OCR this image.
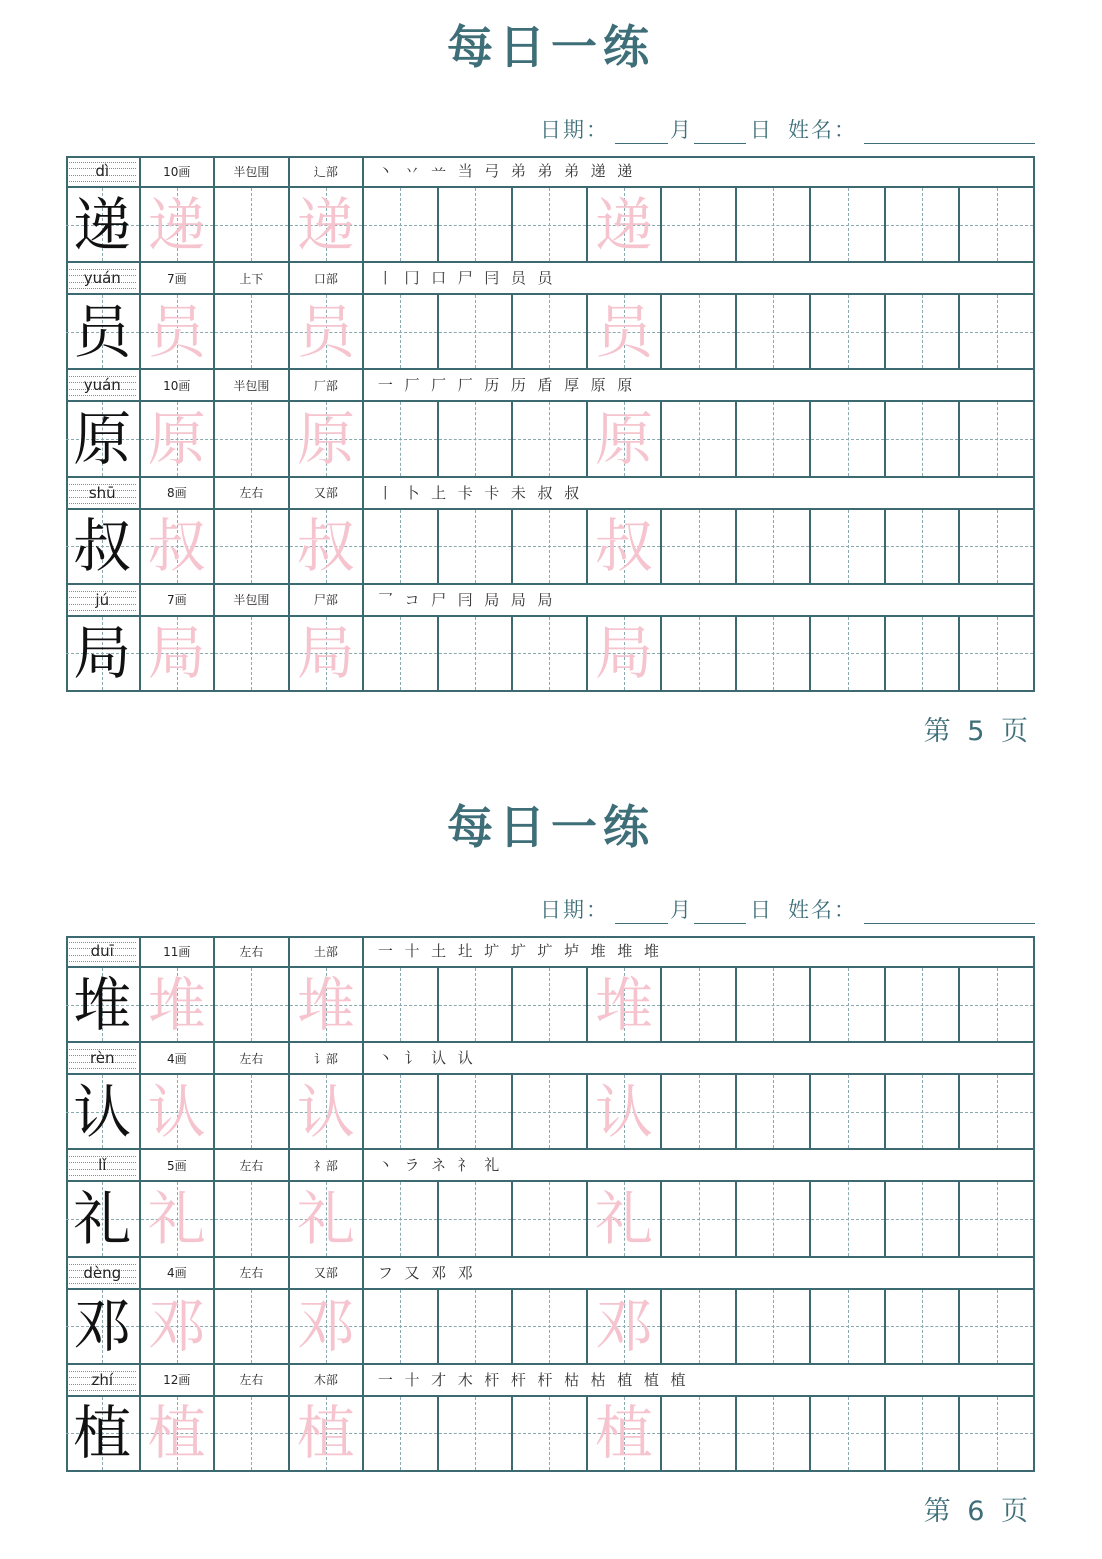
每日一练
日期：	月	日 姓名：
dì	10画	半包围	辶部	丶 丷 䒑 当 弓 弟 弟 弟 递 递
递 递 递	递
yuán	7画	上下	口部	丨 冂 口 尸 冃 员 员
员 员 员	员
yuán	10画	半包围	厂部	一 厂 厂 厂 历 历 盾 厚 原 原
原 原 原	原
shū	8画	左右	又部	丨 卜 上 卡 卡 未 叔 叔
叔 叔 叔	叔
jú	7画	半包围	尸部	乛 コ 尸 冃 局 局 局
局 局 局	局
第 5 页
每日一练
日期：	月	日 姓名：
duī	11画	左右	土部	一 十 土 圵 圹 圹 圹 垆 堆 堆 堆
堆 堆 堆	堆
rèn	4画	左右	讠部	丶 讠 认 认
认 认 认	认
lǐ	5画	左右	礻部	丶 ラ ネ 礻 礼
礼 礼 礼	礼
dèng	4画	左右	又部	フ 又 邓 邓
邓 邓 邓	邓
zhí	12画	左右	木部	一 十 才 木 杆 杆 杆 枯 枯 植 植 植
植 植 植	植
第 6 页
